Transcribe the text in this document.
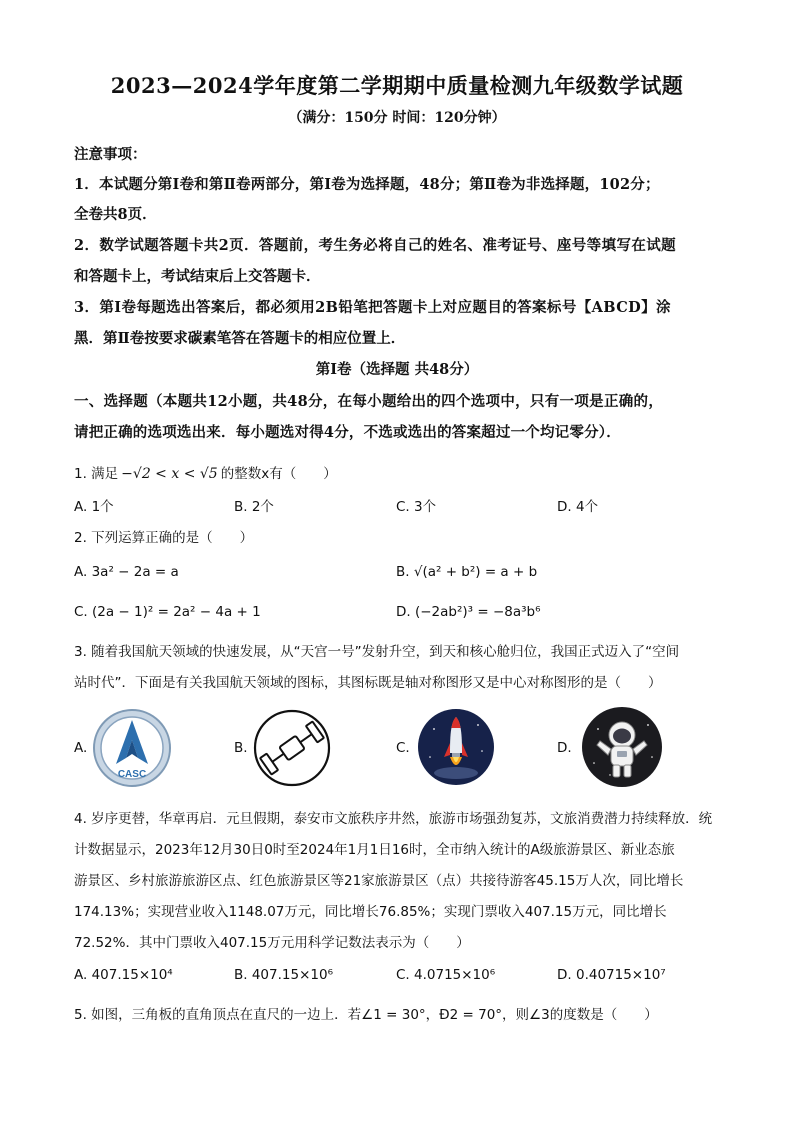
2023—2024学年度第二学期期中质量检测九年级数学试题
（满分：150分 时间：120分钟）
注意事项：
1．本试题分第Ⅰ卷和第Ⅱ卷两部分，第Ⅰ卷为选择题，48分；第Ⅱ卷为非选择题，102分；
全卷共8页．
2．数学试题答题卡共2页．答题前，考生务必将自己的姓名、准考证号、座号等填写在试题
和答题卡上，考试结束后上交答题卡．
3．第Ⅰ卷每题选出答案后，都必须用2B铅笔把答题卡上对应题目的答案标号【ABCD】涂
黑．第Ⅱ卷按要求碳素笔答在答题卡的相应位置上．
第Ⅰ卷（选择题 共48分）
一、选择题（本题共12小题，共48分，在每小题给出的四个选项中，只有一项是正确的，
请把正确的选项选出来．每小题选对得4分，不选或选出的答案超过一个均记零分）．
1. 满足 −√2 < x < √5 的整数x有（　　）
A. 1个	B. 2个	C. 3个	D. 4个
2. 下列运算正确的是（　　）
A. 3a² − 2a = a	B. √(a² + b²) = a + b
C. (2a − 1)² = 2a² − 4a + 1	D. (−2ab²)³ = −8a³b⁶
3. 随着我国航天领域的快速发展，从“天宫一号”发射升空，到天和核心舱归位，我国正式迈入了“空间
站时代”．下面是有关我国航天领域的图标，其图标既是轴对称图形又是中心对称图形的是（　　）
A.	B.	C.	D.
CASC
4. 岁序更替，华章再启．元旦假期，泰安市文旅秩序井然，旅游市场强劲复苏，文旅消费潜力持续释放．统
计数据显示，2023年12月30日0时至2024年1月1日16时，全市纳入统计的A级旅游景区、新业态旅
游景区、乡村旅游旅游区点、红色旅游景区等21家旅游景区（点）共接待游客45.15万人次，同比增长
174.13%；实现营业收入1148.07万元，同比增长76.85%；实现门票收入407.15万元，同比增长
72.52%．其中门票收入407.15万元用科学记数法表示为（　　）
A. 407.15×10⁴	B. 407.15×10⁶	C. 4.0715×10⁶	D. 0.40715×10⁷
5. 如图，三角板的直角顶点在直尺的一边上．若∠1 = 30°，Ð2 = 70°，则∠3的度数是（　　）
